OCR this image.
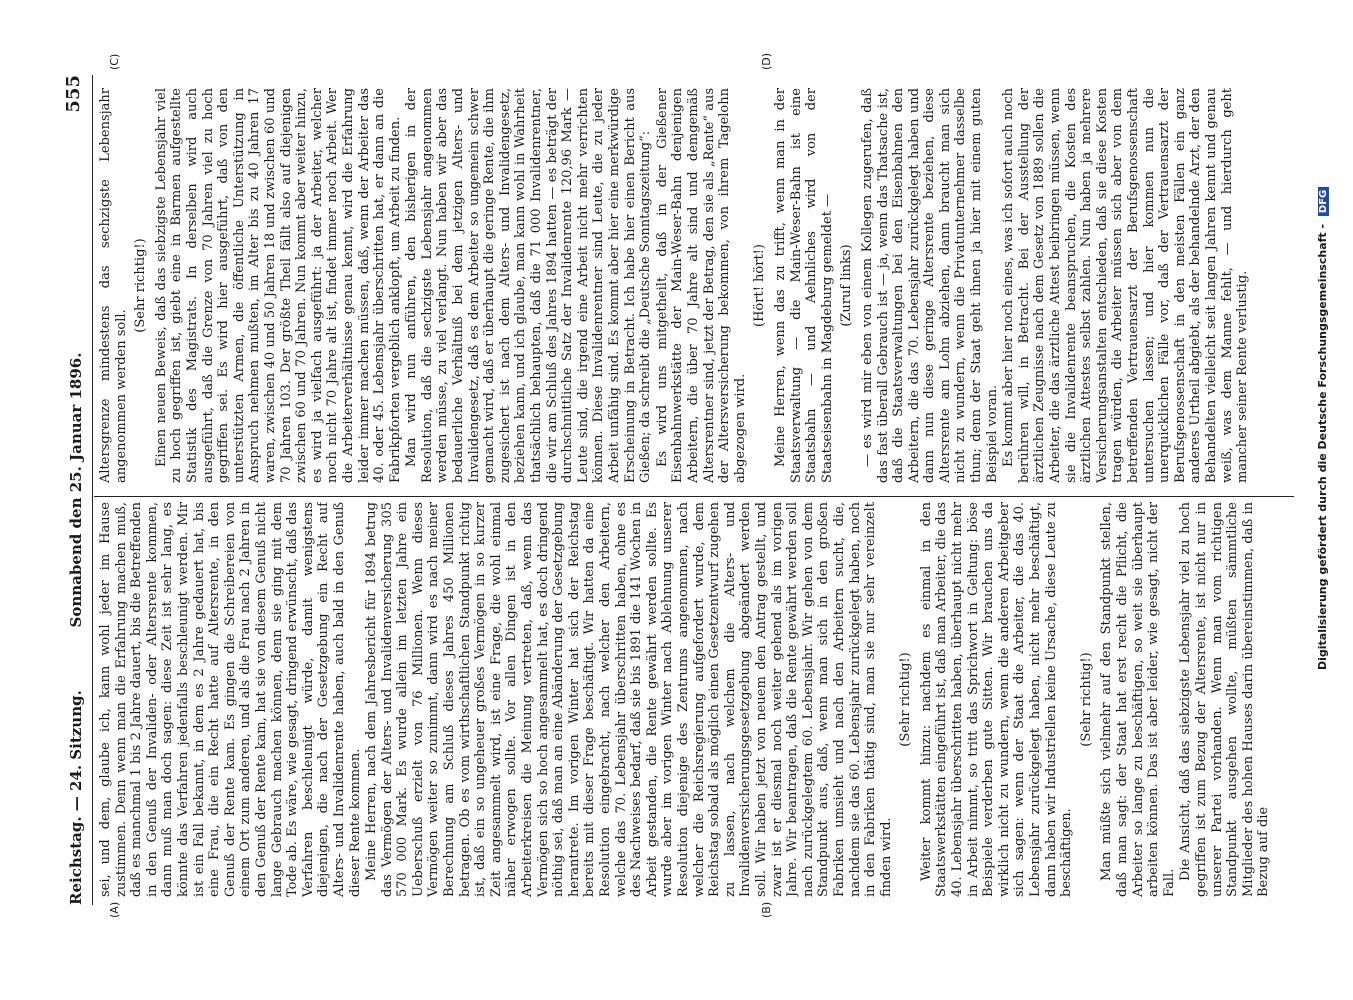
Reichstag. — 24. Sitzung.
Sonnabend den 25. Januar 1896.
555
(A)	(B)
(C)	(D)

sei, und dem, glaube ich, kann wohl jeder im Hause zustimmen. Denn wenn man die Erfahrung machen muß, daß es manchmal 1 bis 2 Jahre dauert, bis die Betreffenden in den Genuß der Invaliden- oder Altersrente kommen, dann muß man doch sagen: diese Zeit ist sehr lang, es könnte das Verfahren jedenfalls beschleunigt werden. Mir ist ein Fall bekannt, in dem es 2 Jahre gedauert hat, bis eine Frau, die ein Recht hatte auf Altersrente, in den Genuß der Rente kam. Es gingen die Schreibereien von einem Ort zum anderen, und als die Frau nach 2 Jahren in den Genuß der Rente kam, hat sie von diesem Genuß nicht lange Gebrauch machen können, denn sie ging mit dem Tode ab. Es wäre, wie gesagt, dringend erwünscht, daß das Verfahren beschleunigt würde, damit wenigstens diejenigen, die nach der Gesetzgebung ein Recht auf Alters- und Invalidenrente haben, auch bald in den Genuß dieser Rente kommen. Meine Herren, nach dem Jahresbericht für 1894 betrug das Vermögen der Alters- und Invalidenversicherung 305 570 000 Mark. Es wurde allein im letzten Jahre ein Ueberschuß erzielt von 76 Millionen. Wenn dieses Vermögen weiter so zunimmt, dann wird es nach meiner Berechnung am Schluß dieses Jahres 450 Millionen betragen. Ob es vom wirthschaftlichen Standpunkt richtig ist, daß ein so ungeheuer großes Vermögen in so kurzer Zeit angesammelt wird, ist eine Frage, die wohl einmal näher erwogen sollte. Vor allen Dingen ist in den Arbeiterkreisen die Meinung vertreten, daß, wenn das Vermögen sich so hoch angesammelt hat, es doch dringend nöthig sei, daß man an eine Abänderung der Gesetzgebung herantrete. Im vorigen Winter hat sich der Reichstag bereits mit dieser Frage beschäftigt. Wir hatten da eine Resolution eingebracht, nach welcher den Arbeitern, welche das 70. Lebensjahr überschritten haben, ohne es des Nachweises bedarf, daß sie bis 1891 die 141 Wochen in Arbeit gestanden, die Rente gewährt werden sollte. Es wurde aber im vorigen Winter nach Ablehnung unserer Resolution diejenige des Zentrums angenommen, nach welcher die Reichsregierung aufgefordert wurde, dem Reichstag sobald als möglich einen Gesetzentwurf zugehen zu lassen, nach welchem die Alters- und Invalidenversicherungsgesetzgebung abgeändert werden soll. Wir haben jetzt von neuem den Antrag gestellt, und zwar ist er diesmal noch weiter gehend als im vorigen Jahre. Wir beantragen, daß die Rente gewährt werden soll nach zurückgelegtem 60. Lebensjahr. Wir gehen von dem Standpunkt aus, daß, wenn man sich in den großen Fabriken umsieht und nach den Arbeitern sucht, die, nachdem sie das 60. Lebensjahr zurückgelegt haben, noch in den Fabriken thätig sind, man sie nur sehr vereinzelt finden wird.

(Sehr richtig!) Weiter kommt hinzu: nachdem es einmal in den Staatswerkstätten eingeführt ist, daß man Arbeiter, die das 40. Lebensjahr überschritten haben, überhaupt nicht mehr in Arbeit nimmt, so tritt das Sprichwort in Geltung: böse Beispiele verderben gute Sitten. Wir brauchen uns da wirklich nicht zu wundern, wenn die anderen Arbeitgeber sich sagen: wenn der Staat die Arbeiter, die das 40. Lebensjahr zurückgelegt haben, nicht mehr beschäftigt, dann haben wir Industriellen keine Ursache, diese Leute zu beschäftigen.

(Sehr richtig!) Man müßte sich vielmehr auf den Standpunkt stellen, daß man sagt: der Staat hat erst recht die Pflicht, die Arbeiter so lange zu beschäftigen, so weit sie überhaupt arbeiten können. Das ist aber leider, wie gesagt, nicht der Fall.

Die Ansicht, daß das siebzigste Lebensjahr viel zu hoch gegriffen ist zum Bezug der Altersrente, ist nicht nur in unserer Partei vorhanden. Wenn man vom richtigen Standpunkt ausgehen wollte, müßten sämmtliche Mitglieder des hohen Hauses darin übereinstimmen, daß in Bezug auf die

Altersgrenze mindestens das sechzigste Lebensjahr angenommen werden soll.

(Sehr richtig!) Einen neuen Beweis, daß das siebzigste Lebensjahr viel zu hoch gegriffen ist, giebt eine in Barmen aufgestellte Statistik des Magistrats. In derselben wird auch ausgeführt, daß die Grenze von 70 Jahren viel zu hoch gegriffen sei. Es wird hier ausgeführt, daß von den unterstützten Armen, die öffentliche Unterstützung in Anspruch nehmen mußten, im Alter bis zu 40 Jahren 17 waren, zwischen 40 und 50 Jahren 18 und zwischen 60 und 70 Jahren 103. Der größte Theil fällt also auf diejenigen zwischen 60 und 70 Jahren. Nun kommt aber weiter hinzu, es wird ja vielfach ausgeführt: ja der Arbeiter, welcher noch nicht 70 Jahre alt ist, findet immer noch Arbeit. Wer die Arbeiterverhältnisse genau kennt, wird die Erfahrung leider immer machen müssen, daß, wenn der Arbeiter das 40. oder 45. Lebensjahr überschritten hat, er dann an die Fabrikpforten vergeblich anklopft, um Arbeit zu finden. Man wird nun anführen, den bisherigen in der Resolution, daß die sechzigste Lebensjahr angenommen werden müsse, zu viel verlangt. Nun haben wir aber das bedauerliche Verhältniß bei dem jetzigen Alters- und Invalidengesetz, daß es dem Arbeiter so ungemein schwer gemacht wird, daß er überhaupt die geringe Rente, die ihm zugesichert ist nach dem Alters- und Invalidengesetz, beziehen kann, und ich glaube, man kann wohl in Wahrheit thatsächlich behaupten, daß die 71 000 Invalidenrentner, die wir am Schluß des Jahres 1894 hatten — es beträgt der durchschnittliche Satz der Invalidenrente 120,96 Mark — Leute sind, die irgend eine Arbeit nicht mehr verrichten können. Diese Invalidenrentner sind Leute, die zu jeder Arbeit unfähig sind. Es kommt aber hier eine merkwürdige Erscheinung in Betracht. Ich habe hier einen Bericht aus Gießen; da schreibt die „Deutsche Sonntagszeitung“: Es wird uns mitgetheilt, daß in der Gießener Eisenbahnwerkstätte der Main-Weser-Bahn denjenigen Arbeitern, die über 70 Jahre alt sind und demgemäß Altersrentner sind, jetzt der Betrag, den sie als „Rente“ aus der Altersversicherung bekommen, von ihrem Tagelohn abgezogen wird.

(Hört! hört!) Meine Herren, wenn das zu trifft, wenn man in der Staatsverwaltung — die Main-Weser-Bahn ist eine Staatsbahn — und Aehnliches wird von der Staatseisenbahn in Magdeburg gemeldet — (Zuruf links) — es wird mir eben von einem Kollegen zugerufen, daß das fast überall Gebrauch ist — ja, wenn das Thatsache ist, daß die Staatsverwaltungen bei den Eisenbahnen den Arbeitern, die das 70. Lebensjahr zurückgelegt haben und dann nun diese geringe Altersrente beziehen, diese Altersrente am Lohn abziehen, dann braucht man sich nicht zu wundern, wenn die Privatunternehmer dasselbe thun; denn der Staat geht ihnen ja hier mit einem guten Beispiel voran. Es kommt aber hier noch eines, was ich sofort auch noch berühren will, in Betracht. Bei der Ausstellung der ärztlichen Zeugnisse nach dem Gesetz von 1889 sollen die Arbeiter, die das ärztliche Attest beibringen müssen, wenn sie die Invalidenrente beanspruchen, die Kosten des ärztlichen Attestes selbst zahlen. Nun haben ja mehrere Versicherungsanstalten entschieden, daß sie diese Kosten tragen würden, die Arbeiter müssen sich aber von dem betreffenden Vertrauensarzt der Berufsgenossenschaft untersuchen lassen; und hier kommen nun die unerquicklichen Fälle vor, daß der Vertrauensarzt der Berufsgenossenschaft in den meisten Fällen ein ganz anderes Urtheil abgiebt, als der behandelnde Arzt, der den Behandelten vielleicht seit langen Jahren kennt und genau weiß, was dem Manne fehlt, — und hierdurch geht mancher seiner Rente verlustig.	Digitalisierung gefördert durch die Deutsche Forschungsgemeinschaft - DFG
